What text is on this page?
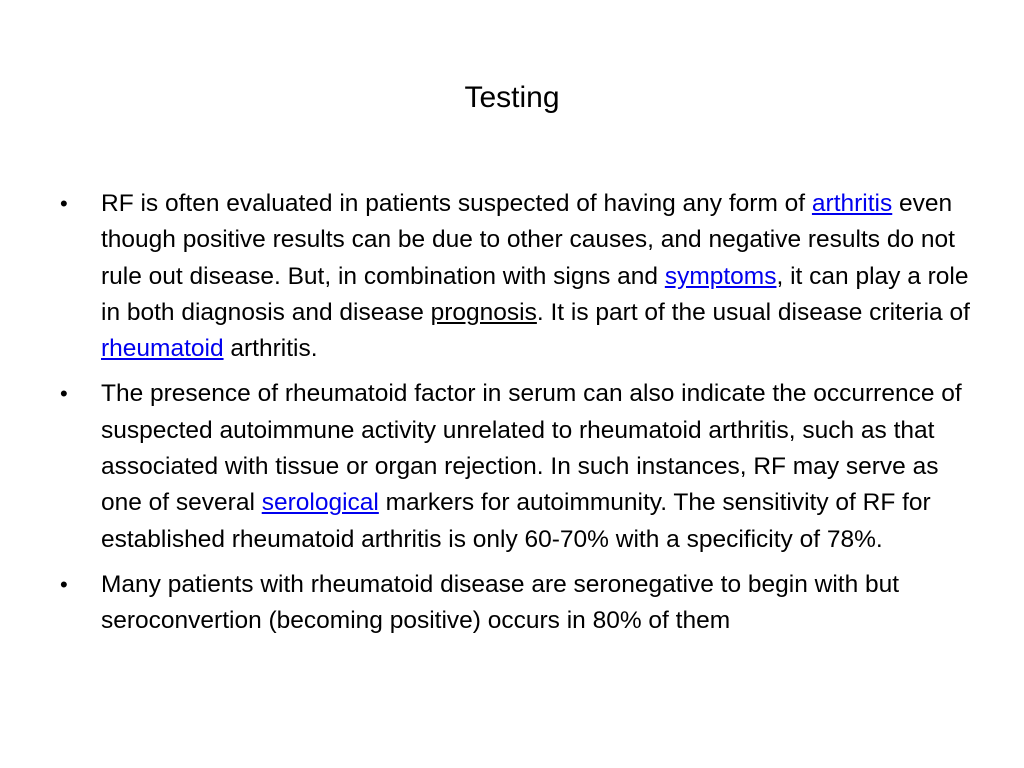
Testing
•	RF is often evaluated in patients suspected of having any form of arthritis even though positive results can be due to other causes, and negative results do not rule out disease. But, in combination with signs and symptoms, it can play a role in both diagnosis and disease prognosis. It is part of the usual disease criteria of rheumatoid arthritis.
•	The presence of rheumatoid factor in serum can also indicate the occurrence of suspected autoimmune activity unrelated to rheumatoid arthritis, such as that associated with tissue or organ rejection. In such instances, RF may serve as one of several serological markers for autoimmunity. The sensitivity of RF for established rheumatoid arthritis is only 60-70% with a specificity of 78%.
•	Many patients with rheumatoid disease are seronegative to begin with but seroconvertion (becoming positive) occurs in 80% of them
